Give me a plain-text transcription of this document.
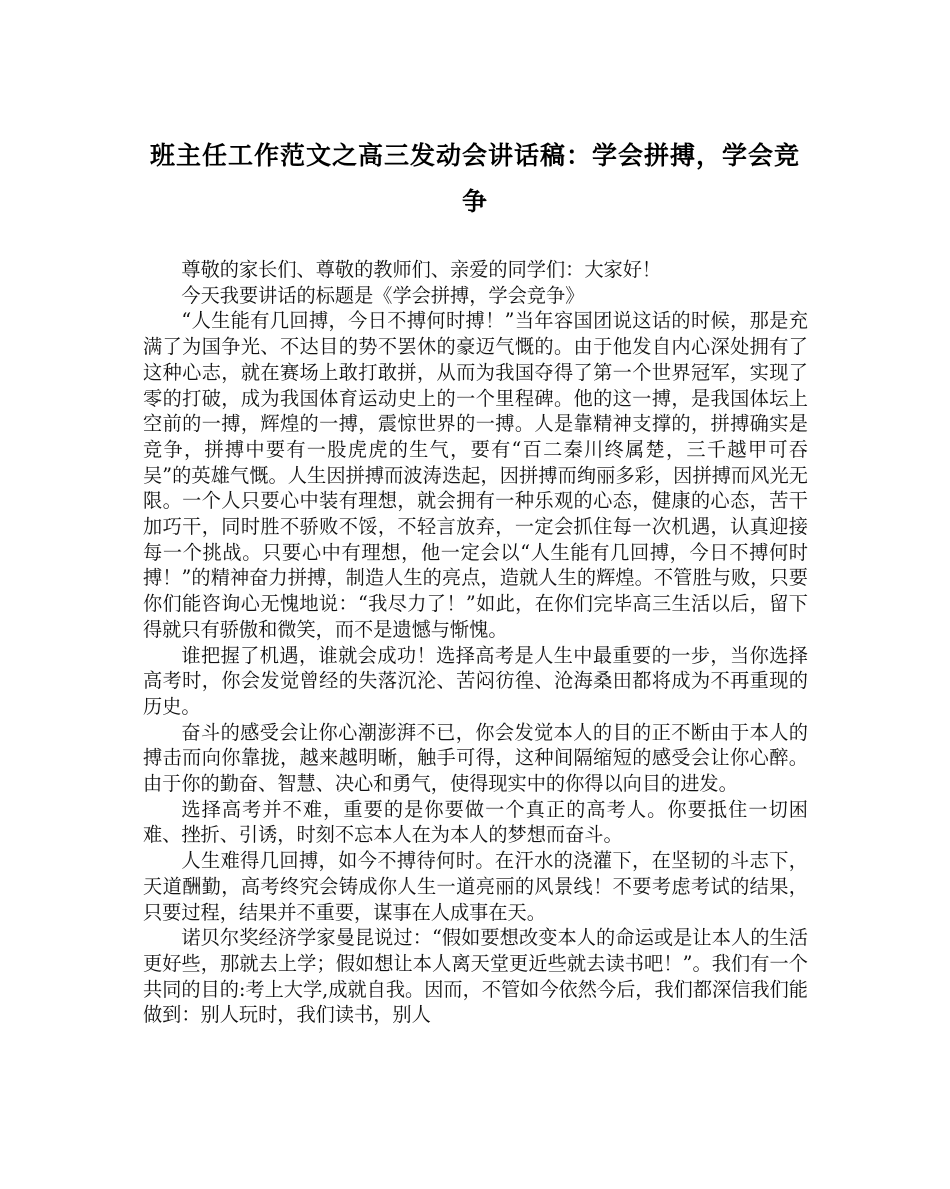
班主任工作范文之高三发动会讲话稿：学会拼搏，学会竞争

尊敬的家长们、尊敬的教师们、亲爱的同学们：大家好！

今天我要讲话的标题是《学会拼搏，学会竞争》

“人生能有几回搏，今日不搏何时搏！”当年容国团说这话的时候，那是充满了为国争光、不达目的势不罢休的豪迈气慨的。由于他发自内心深处拥有了这种心志，就在赛场上敢打敢拼，从而为我国夺得了第一个世界冠军，实现了零的打破，成为我国体育运动史上的一个里程碑。他的这一搏，是我国体坛上空前的一搏，辉煌的一搏，震惊世界的一搏。人是靠精神支撑的，拼搏确实是竞争，拼搏中要有一股虎虎的生气，要有“百二秦川终属楚，三千越甲可吞吴”的英雄气慨。人生因拼搏而波涛迭起，因拼搏而绚丽多彩，因拼搏而风光无限。一个人只要心中装有理想，就会拥有一种乐观的心态，健康的心态，苦干加巧干，同时胜不骄败不馁，不轻言放弃，一定会抓住每一次机遇，认真迎接每一个挑战。只要心中有理想，他一定会以“人生能有几回搏，今日不搏何时搏！”的精神奋力拼搏，制造人生的亮点，造就人生的辉煌。不管胜与败，只要你们能咨询心无愧地说：“我尽力了！”如此，在你们完毕高三生活以后，留下得就只有骄傲和微笑，而不是遗憾与惭愧。

谁把握了机遇，谁就会成功！选择高考是人生中最重要的一步，当你选择高考时，你会发觉曾经的失落沉沦、苦闷彷徨、沧海桑田都将成为不再重现的历史。

奋斗的感受会让你心潮澎湃不已，你会发觉本人的目的正不断由于本人的搏击而向你靠拢，越来越明晰，触手可得，这种间隔缩短的感受会让你心醉。由于你的勤奋、智慧、决心和勇气，使得现实中的你得以向目的进发。

选择高考并不难，重要的是你要做一个真正的高考人。你要抵住一切困难、挫折、引诱，时刻不忘本人在为本人的梦想而奋斗。

人生难得几回搏，如今不搏待何时。在汗水的浇灌下，在坚韧的斗志下，天道酬勤，高考终究会铸成你人生一道亮丽的风景线！不要考虑考试的结果，只要过程，结果并不重要，谋事在人成事在天。

诺贝尔奖经济学家曼昆说过：“假如要想改变本人的命运或是让本人的生活更好些，那就去上学；假如想让本人离天堂更近些就去读书吧！”。我们有一个共同的目的:考上大学,成就自我。因而，不管如今依然今后，我们都深信我们能做到：别人玩时，我们读书，别人
